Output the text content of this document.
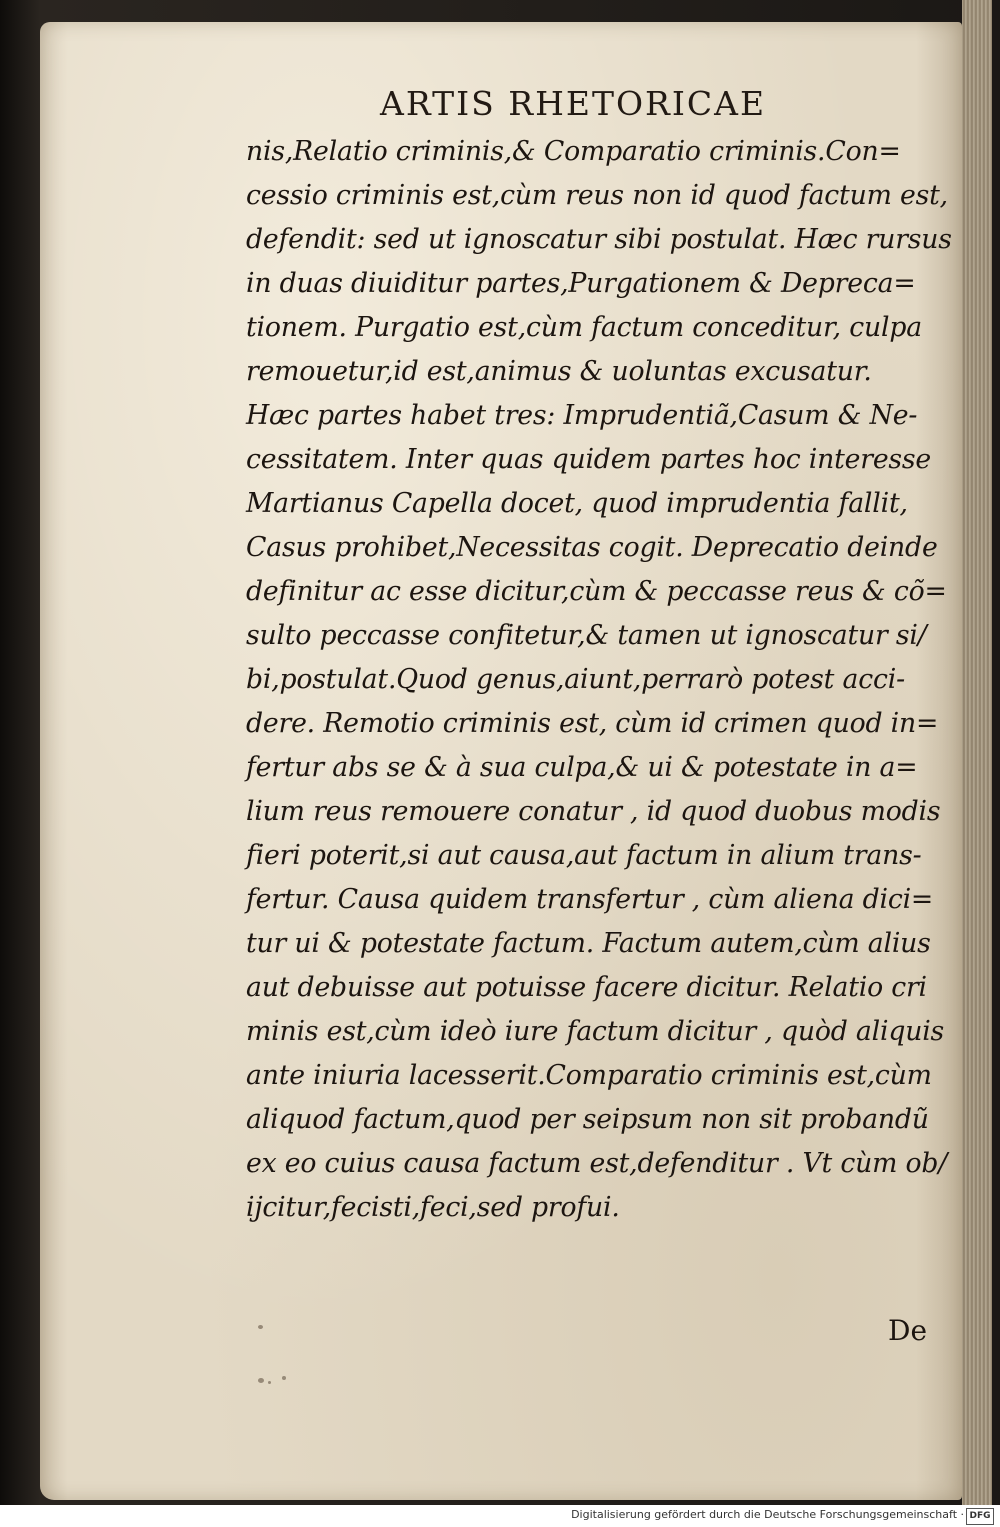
ARTIS RHETORICAE
nis,Relatio criminis,& Comparatio criminis.Con=
cessio criminis est,cùm reus non id quod factum est,
defendit: sed ut ignoscatur sibi postulat. Hæc rursus
in duas diuiditur partes,Purgationem & Depreca=
tionem. Purgatio est,cùm factum conceditur, culpa
remouetur,id est,animus & uoluntas excusatur.
Hæc partes habet tres: Imprudentiã,Casum & Ne-
cessitatem. Inter quas quidem partes hoc interesse
Martianus Capella docet, quod imprudentia fallit,
Casus prohibet,Necessitas cogit. Deprecatio deinde
definitur ac esse dicitur,cùm & peccasse reus & cõ=
sulto peccasse confitetur,& tamen ut ignoscatur si/
bi,postulat.Quod genus,aiunt,perrarò potest acci-
dere. Remotio criminis est, cùm id crimen quod in=
fertur abs se & à sua culpa,& ui & potestate in a=
lium reus remouere conatur , id quod duobus modis
fieri poterit,si aut causa,aut factum in alium trans-
fertur. Causa quidem transfertur , cùm aliena dici=
tur ui & potestate factum. Factum autem,cùm alius
aut debuisse aut potuisse facere dicitur. Relatio cri
minis est,cùm ideò iure factum dicitur , quòd aliquis
ante iniuria lacesserit.Comparatio criminis est,cùm
aliquod factum,quod per seipsum non sit probandũ
ex eo cuius causa factum est,defenditur . Vt cùm ob/
ijcitur,fecisti,feci,sed profui.
De
Digitalisierung gefördert durch die Deutsche Forschungsgemeinschaft · DFG
